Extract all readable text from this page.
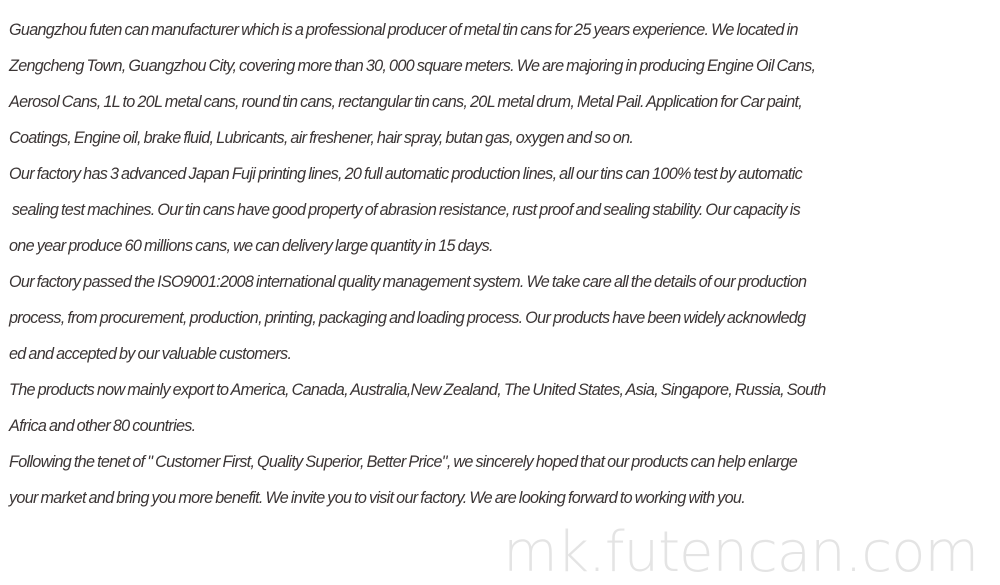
Guangzhou futen can manufacturer which is a professional producer of metal tin cans for 25 years experience. We located in
Zengcheng Town, Guangzhou City, covering more than 30, 000 square meters. We are majoring in producing Engine Oil Cans,
Aerosol Cans, 1L to 20L metal cans, round tin cans, rectangular tin cans, 20L metal drum, Metal Pail. Application for Car paint,
Coatings, Engine oil, brake fluid, Lubricants, air freshener, hair spray, butan gas, oxygen and so on.
Our factory has 3 advanced Japan Fuji printing lines, 20 full automatic production lines, all our tins can 100% test by automatic
sealing test machines. Our tin cans have good property of abrasion resistance, rust proof and sealing stability. Our capacity is
one year produce 60 millions cans, we can delivery large quantity in 15 days.
Our factory passed the ISO9001:2008 international quality management system. We take care all the details of our production
process, from procurement, production, printing, packaging and loading process. Our products have been widely acknowledg
ed and accepted by our valuable customers.
The products now mainly export to America, Canada, Australia,New Zealand, The United States, Asia, Singapore, Russia, South
Africa and other 80 countries.
Following the tenet of " Customer First, Quality Superior, Better Price", we sincerely hoped that our products can help enlarge
your market and bring you more benefit. We invite you to visit our factory. We are looking forward to working with you.
mk.futencan.com
